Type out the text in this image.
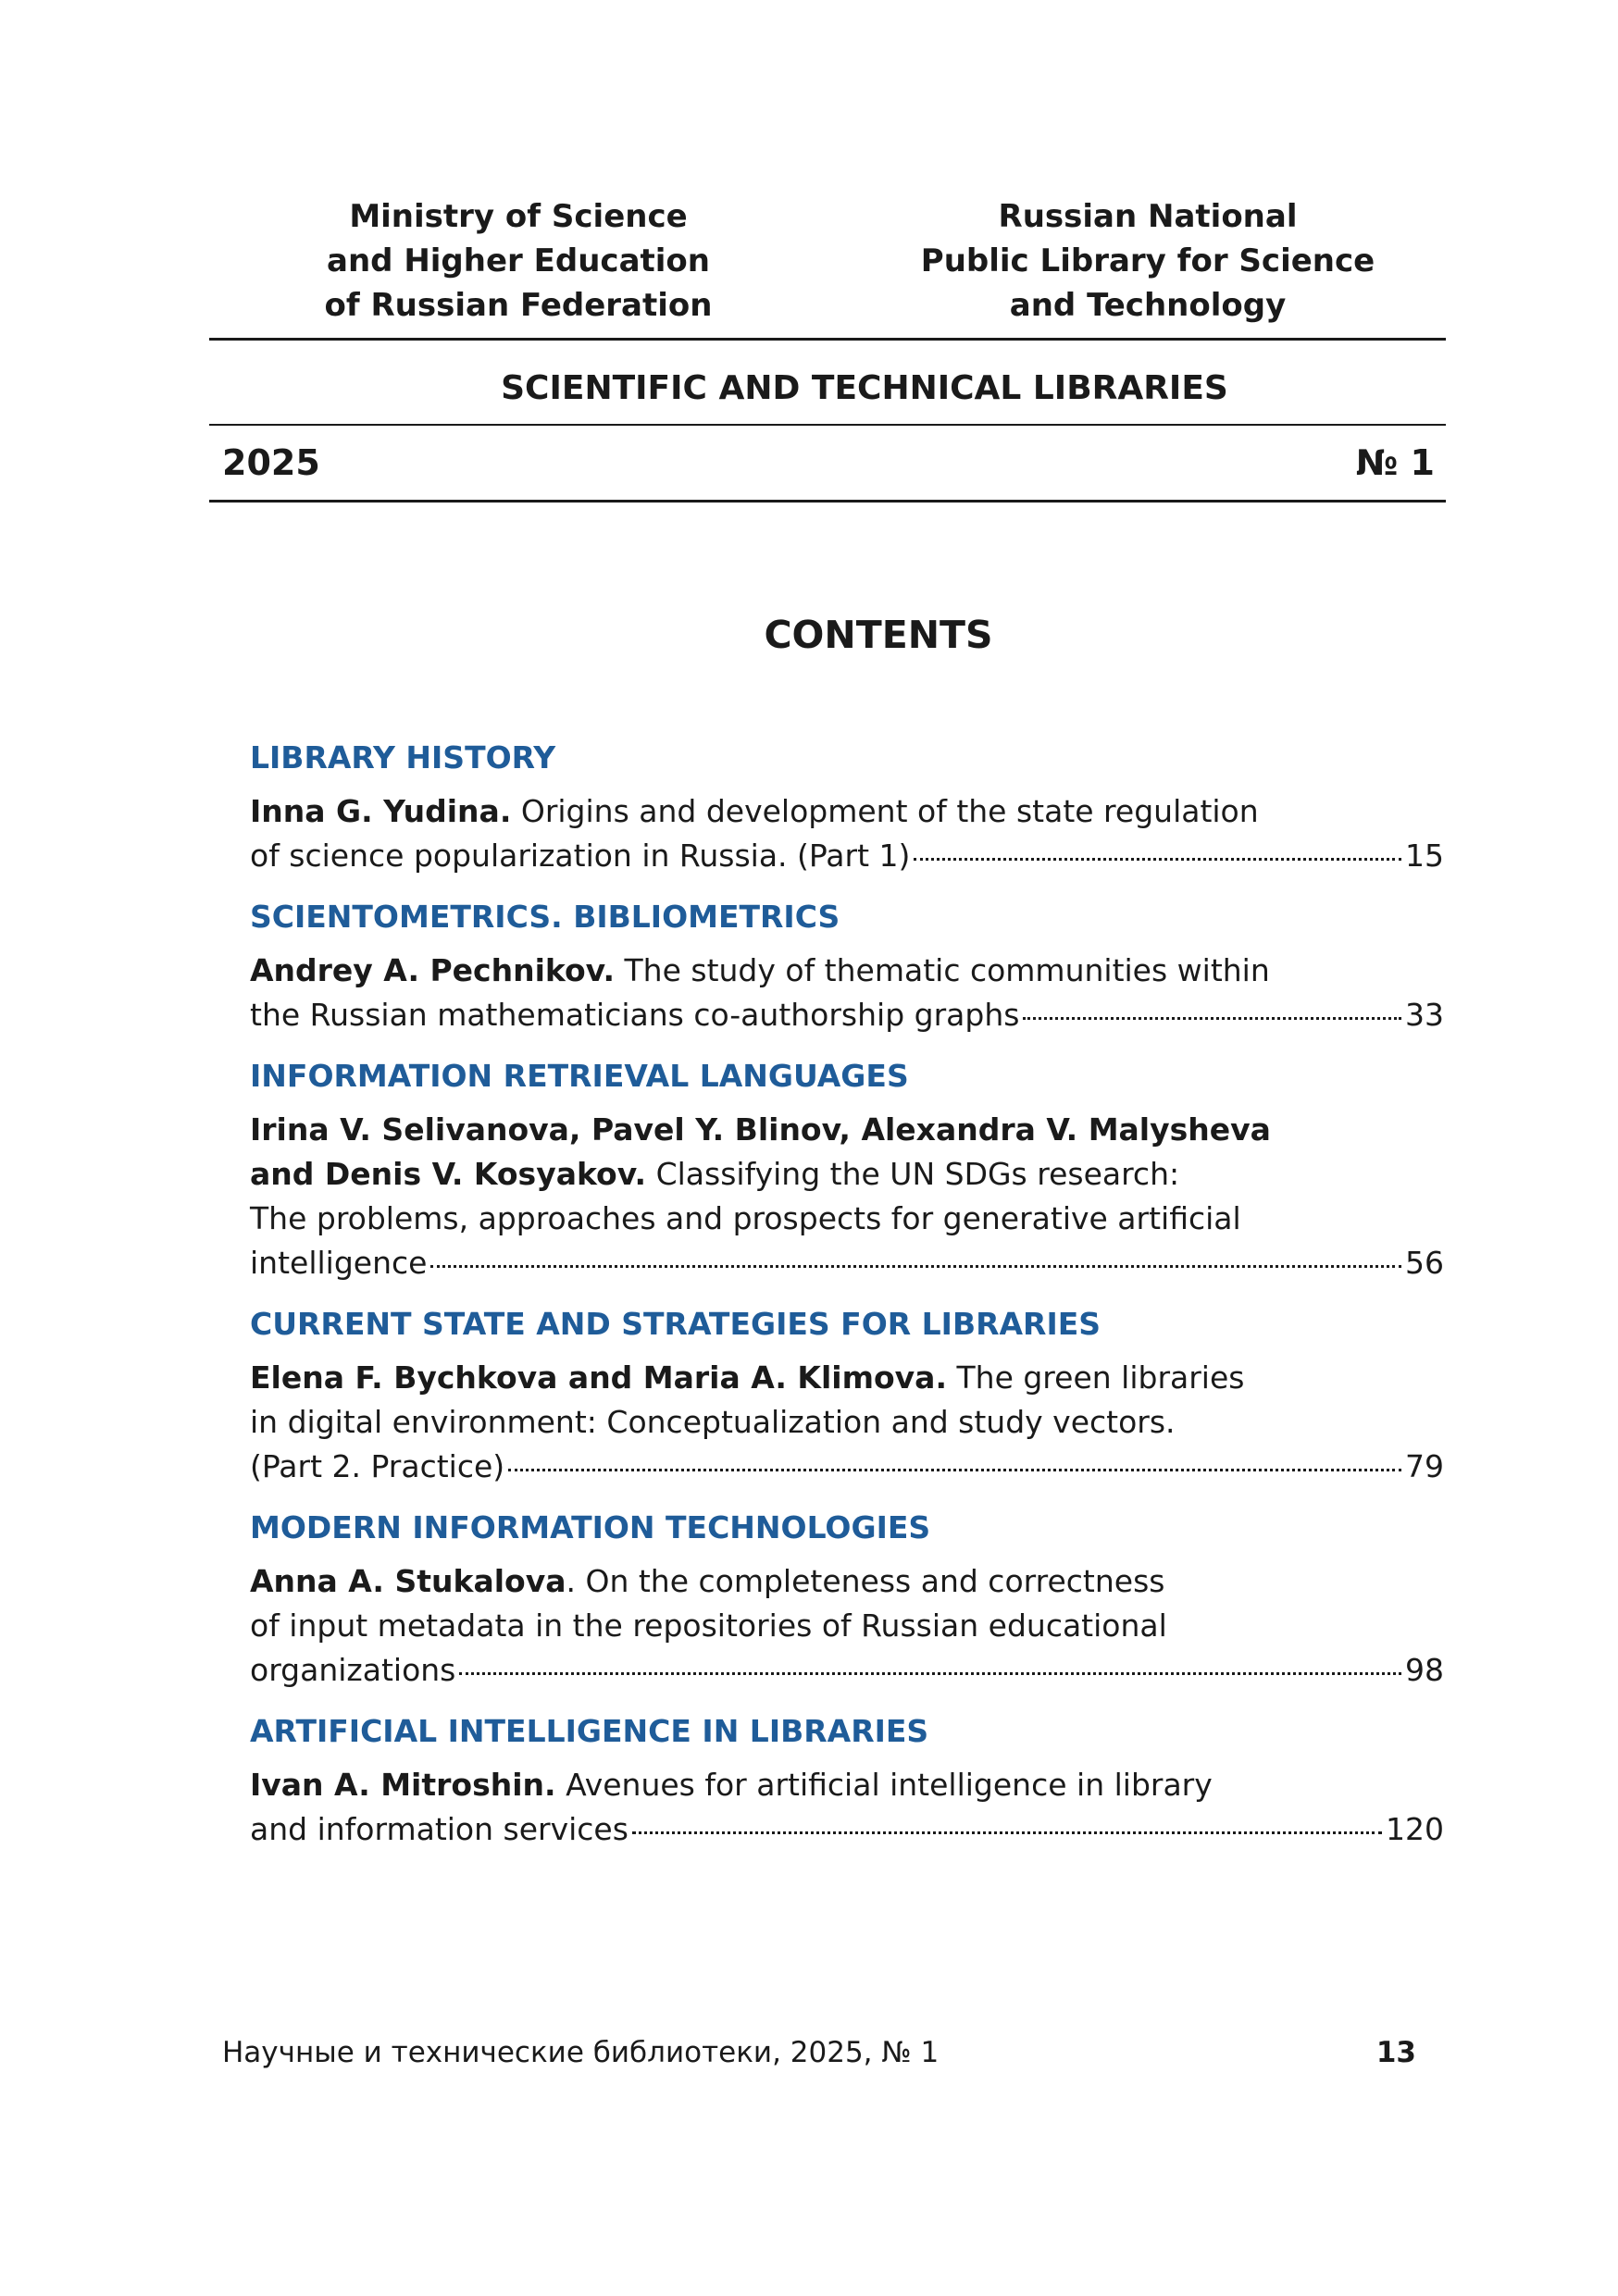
Ministry of Science
and Higher Education
of Russian Federation
Russian National
Public Library for Science
and Technology
SCIENTIFIC AND TECHNICAL LIBRARIES
2025	№ 1
CONTENTS
LIBRARY HISTORY
Inna G. Yudina. Origins and development of the state regulation
of science popularization in Russia. (Part 1)	15
SCIENTOMETRICS. BIBLIOMETRICS
Andrey A. Pechnikov. The study of thematic communities within
the Russian mathematicians co-authorship graphs	33
INFORMATION RETRIEVAL LANGUAGES
Irina V. Selivanova, Pavel Y. Blinov, Alexandra V. Malysheva
and Denis V. Kosyakov. Classifying the UN SDGs research:
The problems, approaches and prospects for generative artificial
intelligence	56
CURRENT STATE AND STRATEGIES FOR LIBRARIES
Elena F. Bychkova and Maria A. Klimova. The green libraries
in digital environment: Conceptualization and study vectors.
(Part 2. Practice)	79
MODERN INFORMATION TECHNOLOGIES
Anna A. Stukalova. On the completeness and correctness
of input metadata in the repositories of Russian educational
organizations	98
ARTIFICIAL INTELLIGENCE IN LIBRARIES
Ivan A. Mitroshin. Avenues for artificial intelligence in library
and information services	120
Научные и технические библиотеки, 2025, № 1	13
